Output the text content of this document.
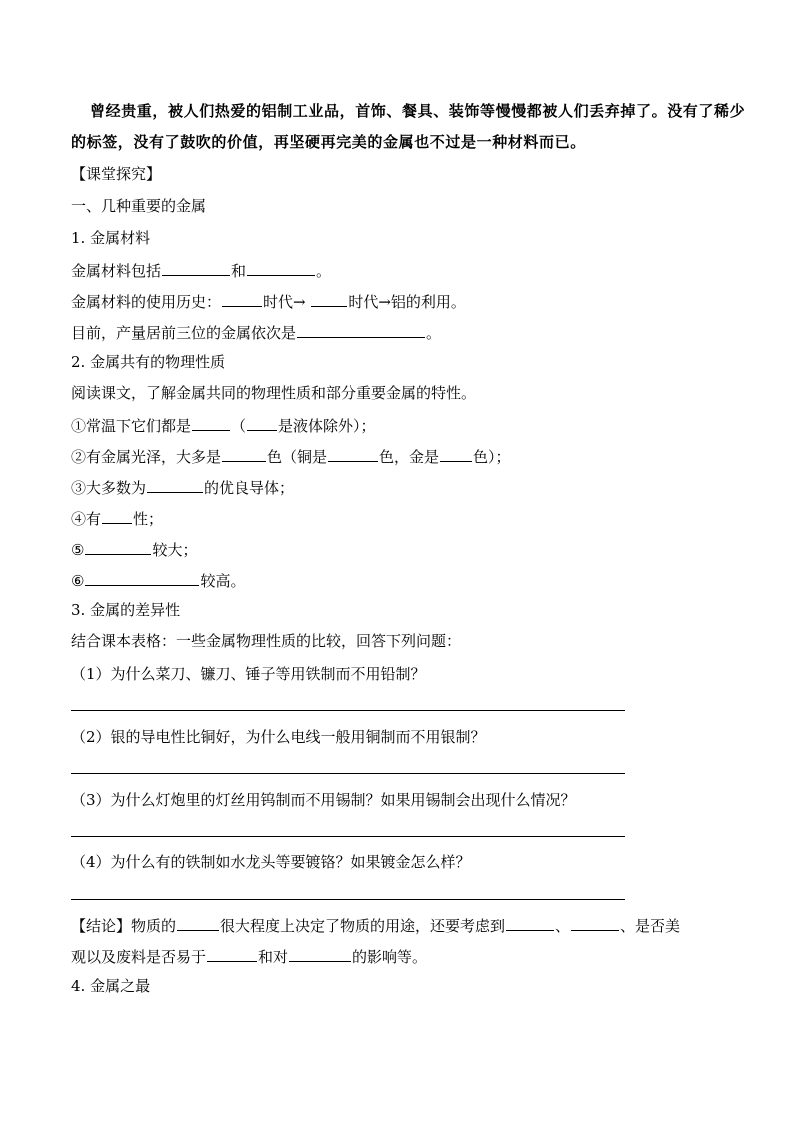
曾经贵重，被人们热爱的铝制工业品，首饰、餐具、装饰等慢慢都被人们丢弃掉了。没有了稀少
的标签，没有了鼓吹的价值，再坚硬再完美的金属也不过是一种材料而已。
【课堂探究】
一、几种重要的金属
1. 金属材料
金属材料包括	和	。
金属材料的使用历史：	时代→	时代→铝的利用。
目前，产量居前三位的金属依次是	。
2. 金属共有的物理性质
阅读课文，了解金属共同的物理性质和部分重要金属的特性。
①常温下它们都是	（ 是液体除外）；
②有金属光泽，大多是	色（铜是	色，金是 色）；
③大多数为	的优良导体；
④有 性；
⑤	较大；
⑥	较高。
3. 金属的差异性
结合课本表格：一些金属物理性质的比较，回答下列问题：
（1）为什么菜刀、镰刀、锤子等用铁制而不用铅制？
（2）银的导电性比铜好，为什么电线一般用铜制而不用银制？
（3）为什么灯炮里的灯丝用钨制而不用锡制？如果用锡制会出现什么情况？
（4）为什么有的铁制如水龙头等要镀铬？如果镀金怎么样？
【结论】物质的	很大程度上决定了物质的用途，还要考虑到	、	、是否美
观以及废料是否易于	和对	的影响等。
4. 金属之最
